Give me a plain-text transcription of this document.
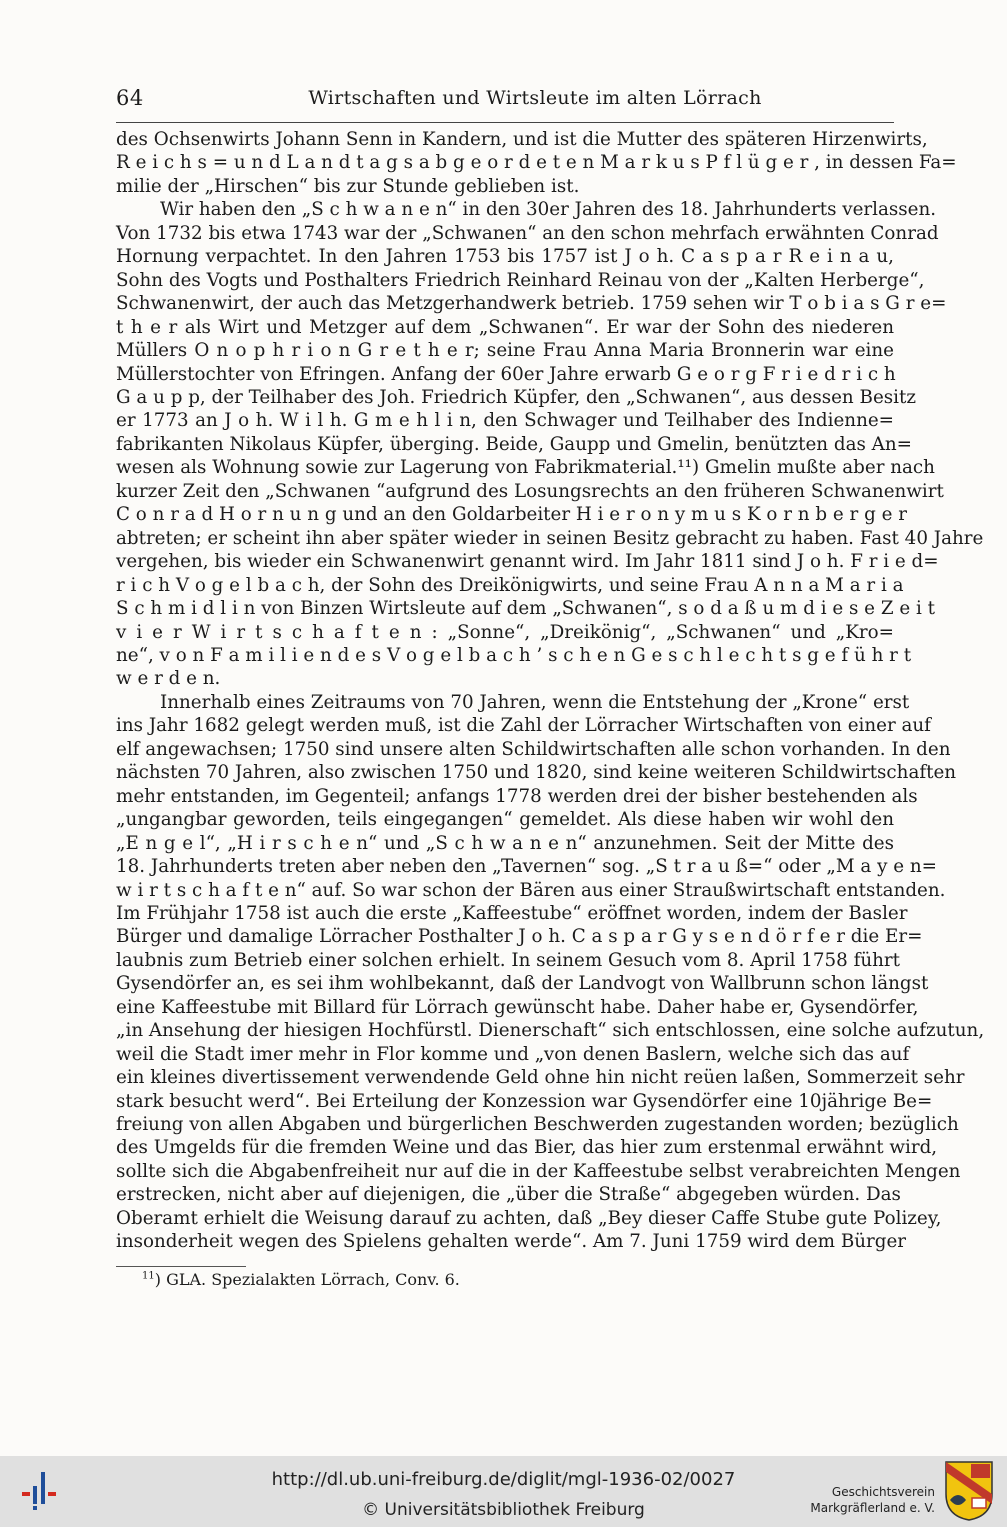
64	Wirtschaften und Wirtsleute im alten Lörrach

des Ochsenwirts Johann Senn in Kandern, und ist die Mutter des späteren Hirzenwirts,
R e i c h s = u n d L a n d t a g s a b g e o r d e t e n M a r k u s P f l ü g e r , in dessen Fa=
milie der „Hirschen“ bis zur Stunde geblieben ist.

Wir haben den „S c h w a n e n“ in den 30er Jahren des 18. Jahrhunderts verlassen.
Von 1732 bis etwa 1743 war der „Schwanen“ an den schon mehrfach erwähnten Conrad
Hornung verpachtet. In den Jahren 1753 bis 1757 ist J o h. C a s p a r R e i n a u,
Sohn des Vogts und Posthalters Friedrich Reinhard Reinau von der „Kalten Herberge“,
Schwanenwirt, der auch das Metzgerhandwerk betrieb. 1759 sehen wir T o b i a s G r e=
t h e r als Wirt und Metzger auf dem „Schwanen“. Er war der Sohn des niederen
Müllers O n o p h r i o n G r e t h e r; seine Frau Anna Maria Bronnerin war eine
Müllerstochter von Efringen. Anfang der 60er Jahre erwarb G e o r g F r i e d r i c h
G a u p p, der Teilhaber des Joh. Friedrich Küpfer, den „Schwanen“, aus dessen Besitz
er 1773 an J o h. W i l h. G m e h l i n, den Schwager und Teilhaber des Indienne=
fabrikanten Nikolaus Küpfer, überging. Beide, Gaupp und Gmelin, benützten das An=
wesen als Wohnung sowie zur Lagerung von Fabrikmaterial.¹¹) Gmelin mußte aber nach
kurzer Zeit den „Schwanen “aufgrund des Losungsrechts an den früheren Schwanenwirt
C o n r a d H o r n u n g und an den Goldarbeiter H i e r o n y m u s K o r n b e r g e r
abtreten; er scheint ihn aber später wieder in seinen Besitz gebracht zu haben. Fast 40 Jahre
vergehen, bis wieder ein Schwanenwirt genannt wird. Im Jahr 1811 sind J o h. F r i e d=
r i c h V o g e l b a c h, der Sohn des Dreikönigwirts, und seine Frau A n n a M a r i a
S c h m i d l i n von Binzen Wirtsleute auf dem „Schwanen“, s o d a ß u m d i e s e Z e i t
v i e r W i r t s c h a f t e n : „Sonne“, „Dreikönig“, „Schwanen“ und „Kro=
ne“, v o n F a m i l i e n d e s V o g e l b a c h ’ s c h e n G e s c h l e c h t s g e f ü h r t
w e r d e n.

Innerhalb eines Zeitraums von 70 Jahren, wenn die Entstehung der „Krone“ erst
ins Jahr 1682 gelegt werden muß, ist die Zahl der Lörracher Wirtschaften von einer auf
elf angewachsen; 1750 sind unsere alten Schildwirtschaften alle schon vorhanden. In den
nächsten 70 Jahren, also zwischen 1750 und 1820, sind keine weiteren Schildwirtschaften
mehr entstanden, im Gegenteil; anfangs 1778 werden drei der bisher bestehenden als
„ungangbar geworden, teils eingegangen“ gemeldet. Als diese haben wir wohl den
„E n g e l“, „H i r s c h e n“ und „S c h w a n e n“ anzunehmen. Seit der Mitte des
18. Jahrhunderts treten aber neben den „Tavernen“ sog. „S t r a u ß=“ oder „M a y e n=
w i r t s c h a f t e n“ auf. So war schon der Bären aus einer Straußwirtschaft entstanden.
Im Frühjahr 1758 ist auch die erste „Kaffeestube“ eröffnet worden, indem der Basler
Bürger und damalige Lörracher Posthalter J o h. C a s p a r G y s e n d ö r f e r die Er=
laubnis zum Betrieb einer solchen erhielt. In seinem Gesuch vom 8. April 1758 führt
Gysendörfer an, es sei ihm wohlbekannt, daß der Landvogt von Wallbrunn schon längst
eine Kaffeestube mit Billard für Lörrach gewünscht habe. Daher habe er, Gysendörfer,
„in Ansehung der hiesigen Hochfürstl. Dienerschaft“ sich entschlossen, eine solche aufzutun,
weil die Stadt imer mehr in Flor komme und „von denen Baslern, welche sich das auf
ein kleines divertissement verwendende Geld ohne hin nicht reüen laßen, Sommerzeit sehr
stark besucht werd“. Bei Erteilung der Konzession war Gysendörfer eine 10jährige Be=
freiung von allen Abgaben und bürgerlichen Beschwerden zugestanden worden; bezüglich
des Umgelds für die fremden Weine und das Bier, das hier zum erstenmal erwähnt wird,
sollte sich die Abgabenfreiheit nur auf die in der Kaffeestube selbst verabreichten Mengen
erstrecken, nicht aber auf diejenigen, die „über die Straße“ abgegeben würden. Das
Oberamt erhielt die Weisung darauf zu achten, daß „Bey dieser Caffe Stube gute Polizey,
insonderheit wegen des Spielens gehalten werde“. Am 7. Juni 1759 wird dem Bürger

$^{11}$) GLA. Spezialakten Lörrach, Conv. 6.
http://dl.ub.uni-freiburg.de/diglit/mgl-1936-02/0027
© Universitätsbibliothek Freiburg
Geschichtsverein
Markgräflerland e. V.
